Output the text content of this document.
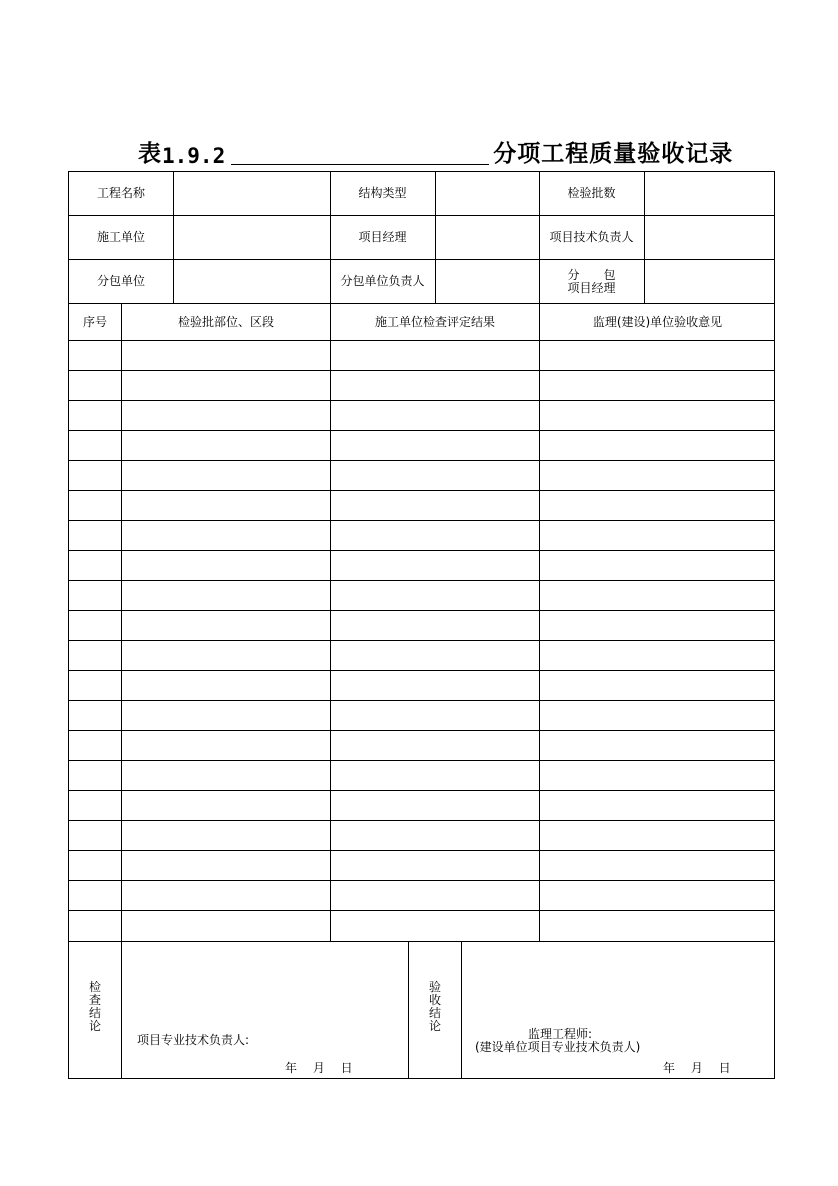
表 1.9.2	分项工程质量验收记录
工程名称	结构类型	检验批数
施工单位	项目经理	项目技术负责人
分包单位	分包单位负责人	分　　包
项目经理
序号	检验批部位、区段	施工单位检查评定结果	监理(建设)单位验收意见
检查结论
项目专业技术负责人:
年　 月　 日
验收结论
监理工程师:
(建设单位项目专业技术负责人)
年　 月　 日
